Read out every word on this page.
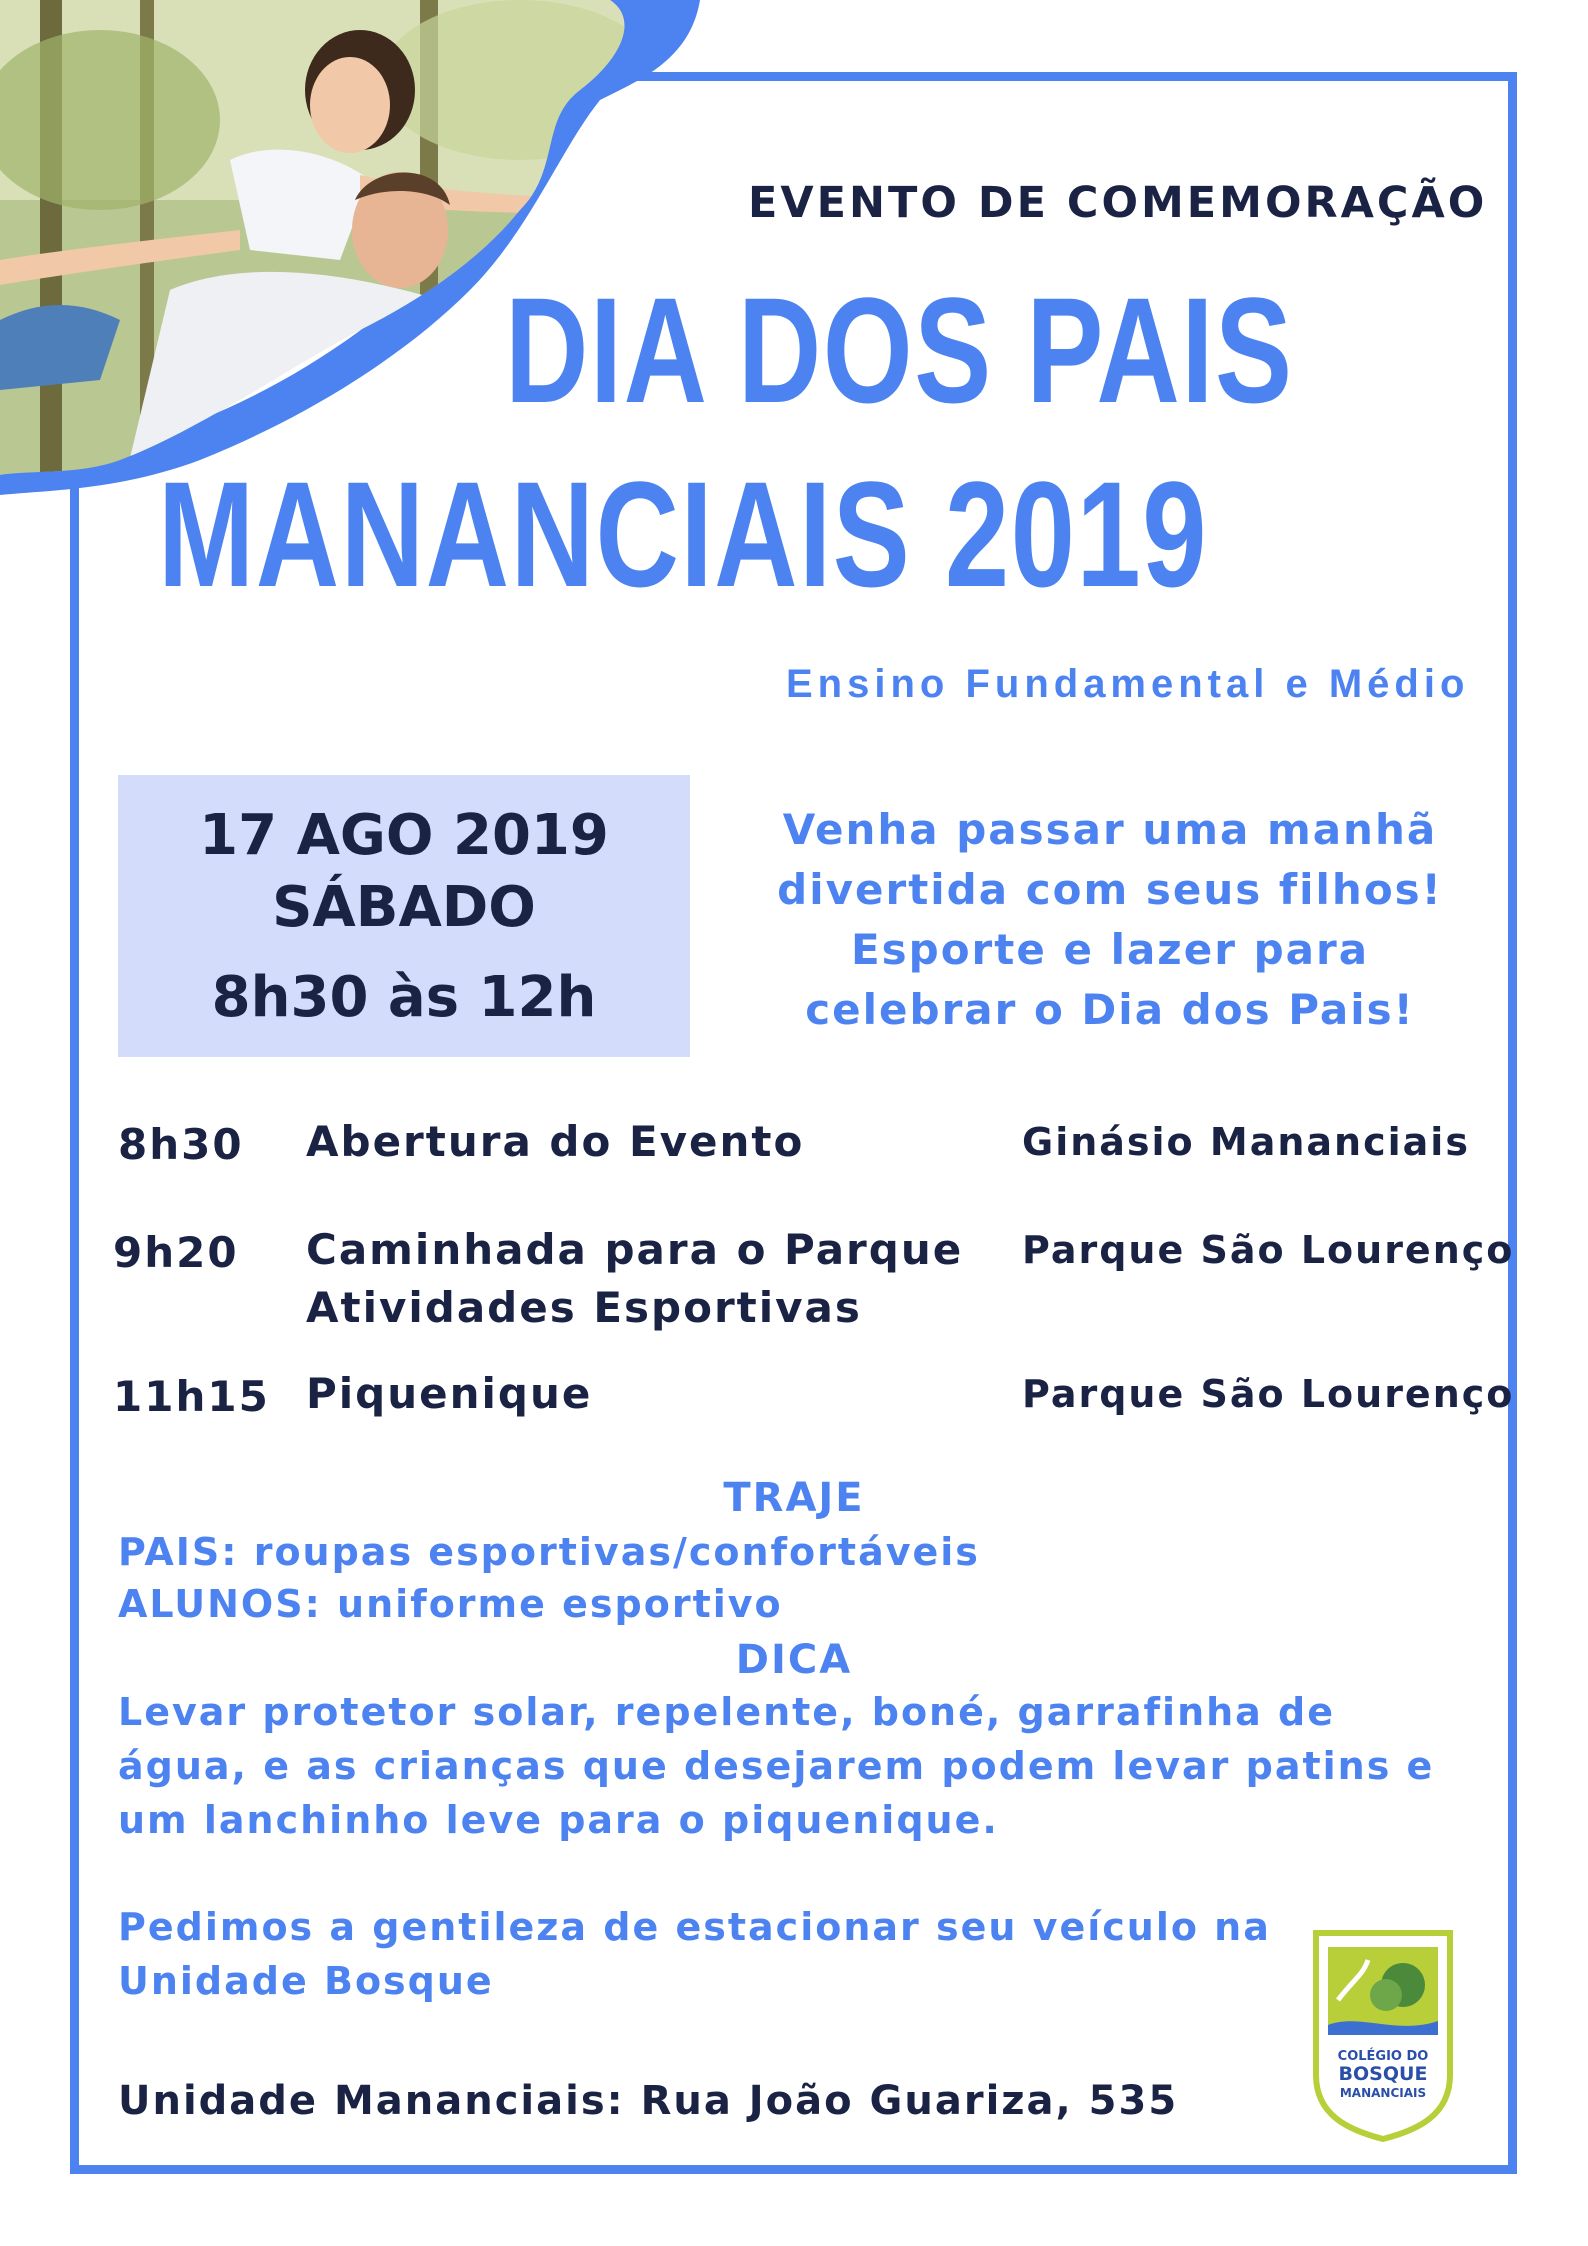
EVENTO DE COMEMORAÇÃO

DIA DOS PAIS

MANANCIAIS 2019

Ensino Fundamental e Médio

17 AGO 2019

SÁBADO

8h30 às 12h

Venha passar uma manhã
divertida com seus filhos!
Esporte e lazer para
celebrar o Dia dos Pais!
8h30 Abertura do Evento	Ginásio Mananciais
9h20 Caminhada para o Parque
Atividades Esportivas
Parque São Lourenço
11h15 Piquenique	Parque São Lourenço
TRAJE
PAIS: roupas esportivas/confortáveis
ALUNOS: uniforme esportivo
DICA
Levar protetor solar, repelente, boné, garrafinha de
água, e as crianças que desejarem podem levar patins e
um lanchinho leve para o piquenique.
Pedimos a gentileza de estacionar seu veículo na
Unidade Bosque
Unidade Mananciais: Rua João Guariza, 535
COLÉGIO DO
BOSQUE
MANANCIAIS
